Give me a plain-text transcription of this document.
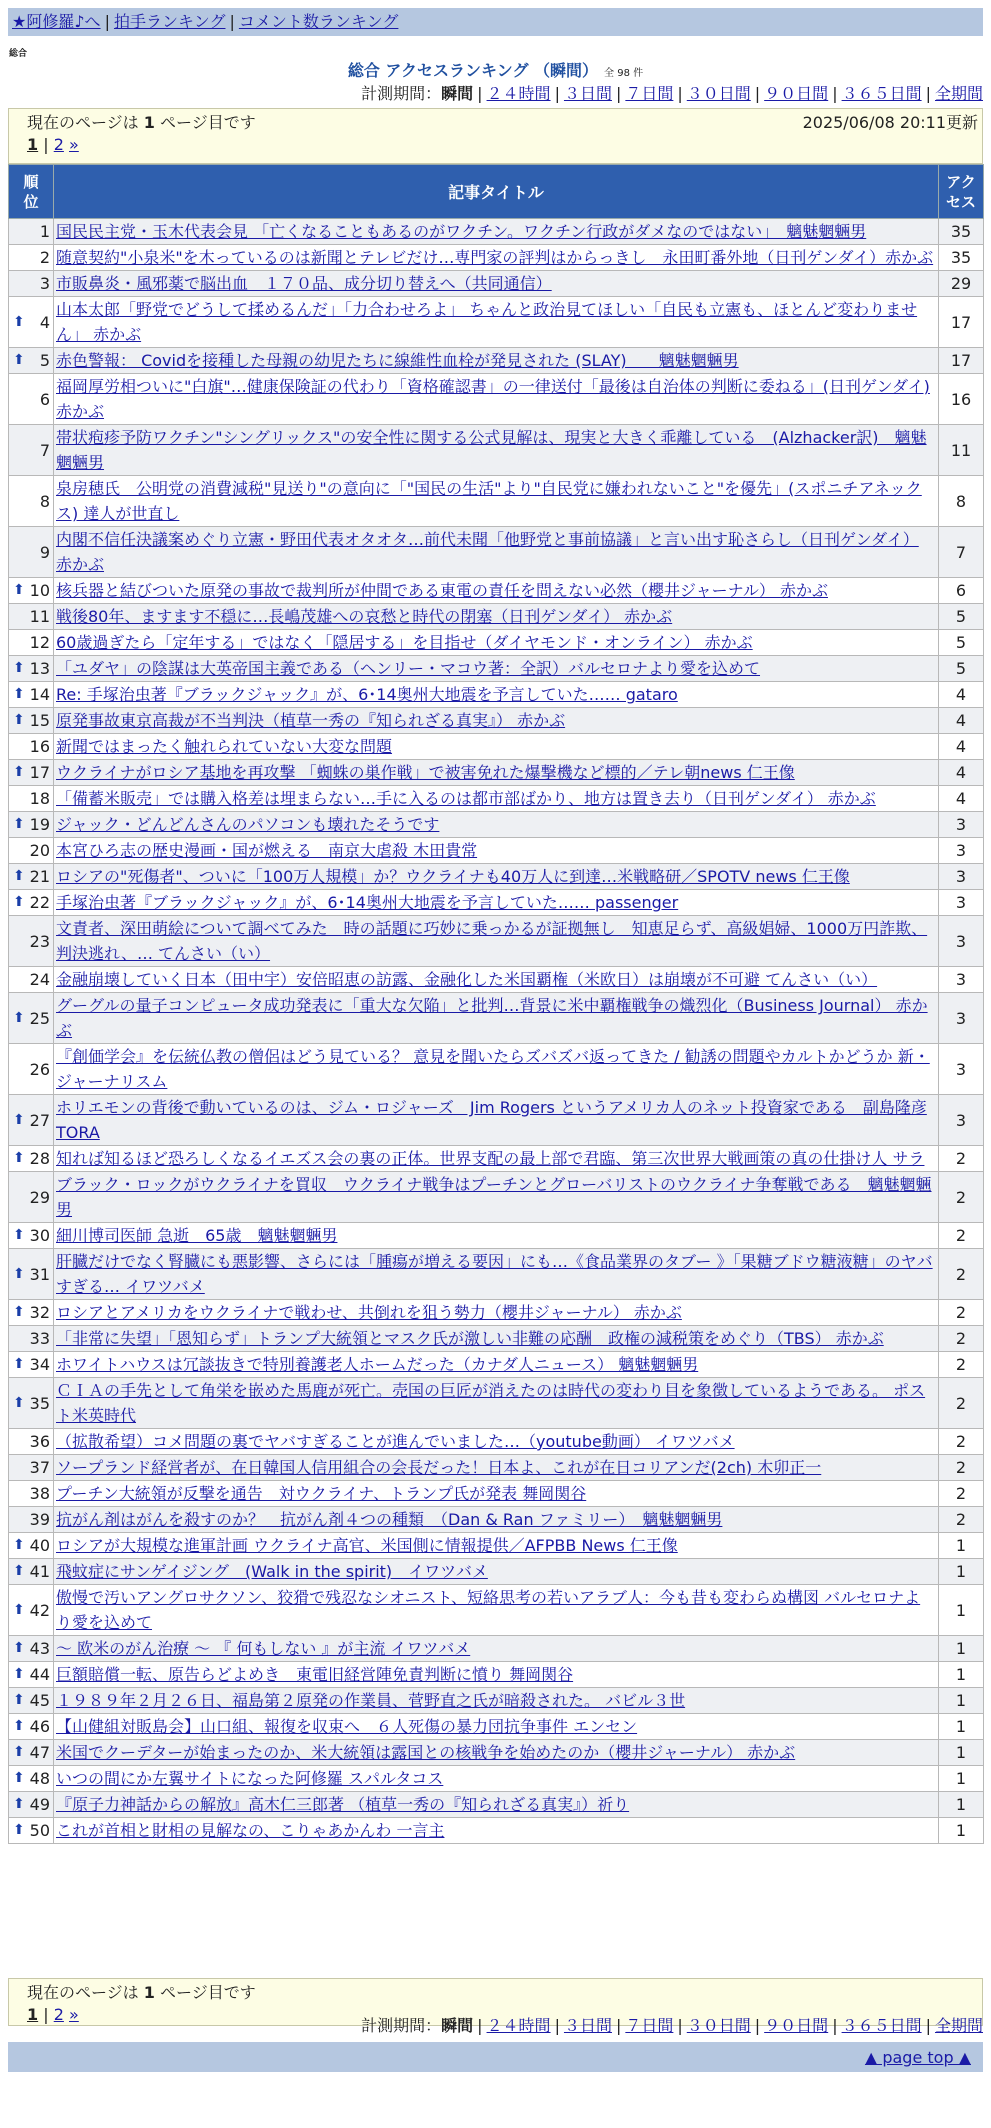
★阿修羅♪へ | 拍手ランキング | コメント数ランキング
総合
総合 アクセスランキング （瞬間） 全 98 件
計測期間：瞬間 | ２４時間 | ３日間 | ７日間 | ３０日間 | ９０日間 | ３６５日間 | 全期間
現在のページは 1 ページ目です	2025/06/08 20:11更新
1 | 2 »
順位	記事タイトル	アクセス
1	国民民主党・玉木代表会見 「亡くなることもあるのがワクチン。ワクチン行政がダメなのではない」　魑魅魍魎男	35
2	随意契約"小泉米"を木っているのは新聞とテレビだけ…専門家の評判はからっきし　永田町番外地（日刊ゲンダイ）赤かぶ	35
3	市販鼻炎・風邪薬で脳出血　１７０品、成分切り替えへ（共同通信）	29

⬆ 4	山本太郎「野党でどうして揉めるんだ」「力合わせろよ」 ちゃんと政治見てほしい「自民も立憲も、ほとんど変わりません」 赤かぶ	17

⬆ 5	赤色警報： Covidを接種した母親の幼児たちに線維性血栓が発見された (SLAY)　　魑魅魍魎男	17
6	福岡厚労相ついに"白旗"…健康保険証の代わり「資格確認書」の一律送付「最後は自治体の判断に委ねる」(日刊ゲンダイ) 赤かぶ	16
7	帯状疱疹予防ワクチン"シングリックス"の安全性に関する公式見解は、現実と大きく乖離している　(Alzhacker訳)　魑魅魍魎男	11
8	泉房穂氏　公明党の消費減税"見送り"の意向に「"国民の生活"より"自民党に嫌われないこと"を優先」(スポニチアネックス) 達人が世直し	8
9	内閣不信任決議案めぐり立憲・野田代表オタオタ…前代未聞「他野党と事前協議」と言い出す恥さらし（日刊ゲンダイ） 赤かぶ	7

⬆ 10	核兵器と結びついた原発の事故で裁判所が仲間である東電の責任を問えない必然（櫻井ジャーナル） 赤かぶ	6
11	戦後80年、ますます不穏に…長嶋茂雄への哀愁と時代の閉塞（日刊ゲンダイ） 赤かぶ	5
12	60歳過ぎたら「定年する」ではなく「隠居する」を目指せ（ダイヤモンド・オンライン） 赤かぶ	5

⬆ 13	「ユダヤ」の陰謀は大英帝国主義である（ヘンリー・マコウ著：全訳）バルセロナより愛を込めて	5

⬆ 14	Re: 手塚治虫著『ブラックジャック』が、6･14奥州大地震を予言していた…… gataro	4

⬆ 15	原発事故東京高裁が不当判決（植草一秀の『知られざる真実』） 赤かぶ	4
16	新聞ではまったく触れられていない大変な問題	4

⬆ 17	ウクライナがロシア基地を再攻撃 「蜘蛛の巣作戦」で被害免れた爆撃機など標的／テレ朝news 仁王像	4
18	「備蓄米販売」では購入格差は埋まらない…手に入るのは都市部ばかり、地方は置き去り（日刊ゲンダイ） 赤かぶ	4

⬆ 19	ジャック・どんどんさんのパソコンも壊れたそうです	3
20	本宮ひろ志の歴史漫画・国が燃える　南京大虐殺 木田貴常	3

⬆ 21	ロシアの"死傷者"、ついに「100万人規模」か？ウクライナも40万人に到達…米戦略研／SPOTV news 仁王像	3

⬆ 22	手塚治虫著『ブラックジャック』が、6･14奥州大地震を予言していた…… passenger	3
23	文責者、深田萌絵について調べてみた　時の話題に巧妙に乗っかるが証拠無し　知恵足らず、高級娼婦、1000万円詐欺、判決逃れ、… てんさい（い）	3
24	金融崩壊していく日本（田中宇）安倍昭恵の訪露、金融化した米国覇権（米欧日）は崩壊が不可避 てんさい（い）	3

⬆ 25	グーグルの量子コンピュータ成功発表に「重大な欠陥」と批判…背景に米中覇権戦争の熾烈化（Business Journal） 赤かぶ	3
26	『創価学会』を伝統仏教の僧侶はどう見ている？ 意見を聞いたらズバズバ返ってきた / 勧誘の問題やカルトかどうか 新・ジャーナリスム	3

⬆ 27	ホリエモンの背後で動いているのは、ジム・ロジャーズ　Jim Rogers というアメリカ人のネット投資家である　副島隆彦 TORA	3

⬆ 28	知れば知るほど恐ろしくなるイエズス会の裏の正体。世界支配の最上部で君臨、第三次世界大戦画策の真の仕掛け人 サラ	2
29	ブラック・ロックがウクライナを買収　ウクライナ戦争はプーチンとグローバリストのウクライナ争奪戦である　魑魅魍魎男	2

⬆ 30	細川博司医師 急逝　65歳　魑魅魍魎男	2

⬆ 31	肝臓だけでなく腎臓にも悪影響、さらには「腫瘍が増える要因」にも…《食品業界のタブー 》「果糖ブドウ糖液糖」のヤバすぎる… イワツバメ	2

⬆ 32	ロシアとアメリカをウクライナで戦わせ、共倒れを狙う勢力（櫻井ジャーナル） 赤かぶ	2
33	「非常に失望」「恩知らず」トランプ大統領とマスク氏が激しい非難の応酬　政権の減税策をめぐり（TBS） 赤かぶ	2

⬆ 34	ホワイトハウスは冗談抜きで特別養護老人ホームだった（カナダ人ニュース） 魑魅魍魎男	2

⬆ 35	ＣＩＡの手先として角栄を嵌めた馬鹿が死亡。売国の巨匠が消えたのは時代の変わり目を象徴しているようである。 ポスト米英時代	2
36	（拡散希望）コメ問題の裏でヤバすぎることが進んでいました…（youtube動画） イワツバメ	2
37	ソープランド経営者が、在日韓国人信用組合の会長だった！日本よ、これが在日コリアンだ(2ch) 木卯正一	2
38	プーチン大統領が反撃を通告　対ウクライナ、トランプ氏が発表 舞岡関谷	2
39	抗がん剤はがんを殺すのか？　抗がん剤４つの種類　（Dan & Ran ファミリー）　魑魅魍魎男	2

⬆ 40	ロシアが大規模な進軍計画 ウクライナ高官、米国側に情報提供／AFPBB News 仁王像	1

⬆ 41	飛蚊症にサンゲイジング　(Walk in the spirit)　イワツバメ	1

⬆ 42	傲慢で汚いアングロサクソン、狡猾で残忍なシオニスト、短絡思考の若いアラブ人：今も昔も変わらぬ構図 バルセロナより愛を込めて	1

⬆ 43	～ 欧米のがん治療 ～ 『 何もしない 』が主流 イワツバメ	1

⬆ 44	巨額賠償一転、原告らどよめき　東電旧経営陣免責判断に憤り 舞岡関谷	1

⬆ 45	１９８９年２月２６日、福島第２原発の作業員、菅野直之氏が暗殺された。 バビル３世	1

⬆ 46	【山健組対販島会】山口組、報復を収束へ　６人死傷の暴力団抗争事件 エンセン	1

⬆ 47	米国でクーデターが始まったのか、米大統領は露国との核戦争を始めたのか（櫻井ジャーナル） 赤かぶ	1

⬆ 48	いつの間にか左翼サイトになった阿修羅 スパルタコス	1

⬆ 49	『原子力神話からの解放』高木仁三郎著 （植草一秀の『知られざる真実』）祈り	1

⬆ 50	これが首相と財相の見解なの、こりゃあかんわ 一言主	1
現在のページは 1 ページ目です
1 | 2 »
計測期間：瞬間 | ２４時間 | ３日間 | ７日間 | ３０日間 | ９０日間 | ３６５日間 | 全期間
▲ page top ▲
